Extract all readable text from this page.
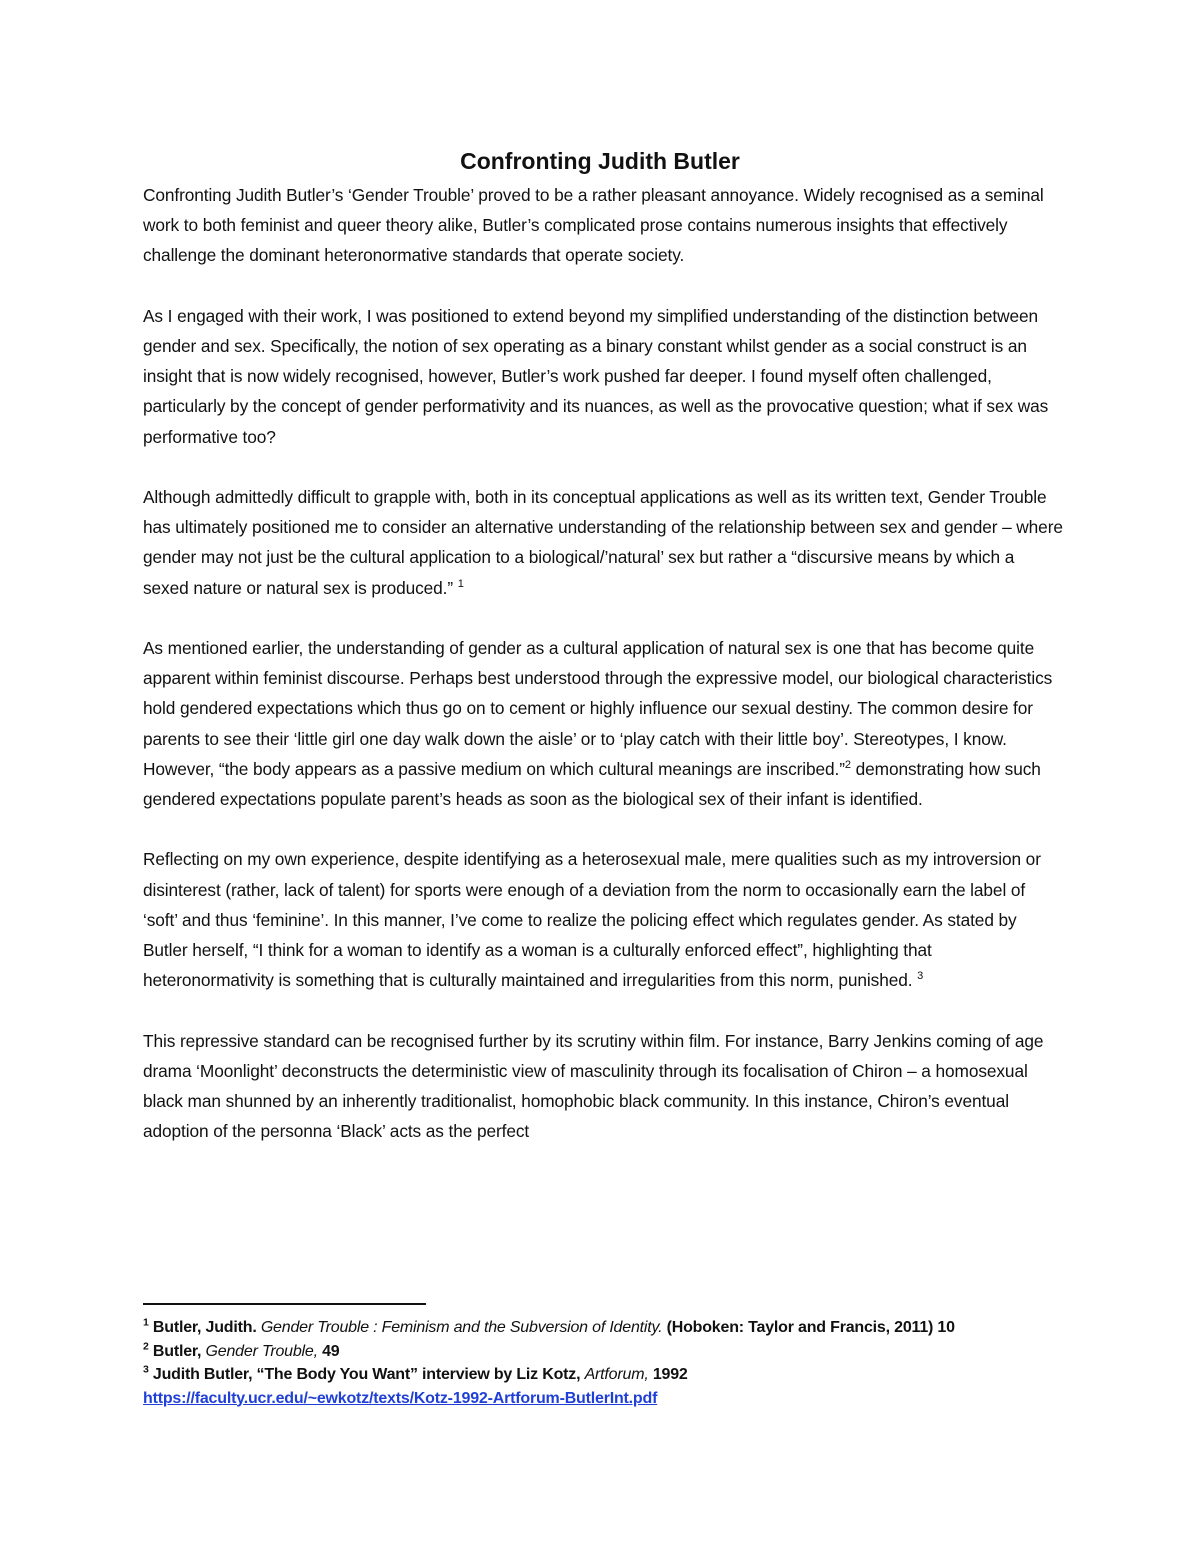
Confronting Judith Butler

Confronting Judith Butler’s ‘Gender Trouble’ proved to be a rather pleasant annoyance. Widely recognised as a seminal work to both feminist and queer theory alike, Butler’s complicated prose contains numerous insights that effectively challenge the dominant heteronormative standards that operate society.

As I engaged with their work, I was positioned to extend beyond my simplified understanding of the distinction between gender and sex. Specifically, the notion of sex operating as a binary constant whilst gender as a social construct is an insight that is now widely recognised, however, Butler’s work pushed far deeper. I found myself often challenged, particularly by the concept of gender performativity and its nuances, as well as the provocative question; what if sex was performative too?

Although admittedly difficult to grapple with, both in its conceptual applications as well as its written text, Gender Trouble has ultimately positioned me to consider an alternative understanding of the relationship between sex and gender – where gender may not just be the cultural application to a biological/’natural’ sex but rather a “discursive means by which a sexed nature or natural sex is produced.” $^1$

As mentioned earlier, the understanding of gender as a cultural application of natural sex is one that has become quite apparent within feminist discourse. Perhaps best understood through the expressive model, our biological characteristics hold gendered expectations which thus go on to cement or highly influence our sexual destiny. The common desire for parents to see their ‘little girl one day walk down the aisle’ or to ‘play catch with their little boy’. Stereotypes, I know. However, “the body appears as a passive medium on which cultural meanings are inscribed.”$^2$ demonstrating how such gendered expectations populate parent’s heads as soon as the biological sex of their infant is identified.

Reflecting on my own experience, despite identifying as a heterosexual male, mere qualities such as my introversion or disinterest (rather, lack of talent) for sports were enough of a deviation from the norm to occasionally earn the label of ‘soft’ and thus ‘feminine’. In this manner, I’ve come to realize the policing effect which regulates gender. As stated by Butler herself, “I think for a woman to identify as a woman is a culturally enforced effect”, highlighting that heteronormativity is something that is culturally maintained and irregularities from this norm, punished. $^3$

This repressive standard can be recognised further by its scrutiny within film. For instance, Barry Jenkins coming of age drama ‘Moonlight’ deconstructs the deterministic view of masculinity through its focalisation of Chiron – a homosexual black man shunned by an inherently traditionalist, homophobic black community. In this instance, Chiron’s eventual adoption of the personna ‘Black’ acts as the perfect

$^1$ Butler, Judith. Gender Trouble : Feminism and the Subversion of Identity. (Hoboken: Taylor and Francis, 2011) 10
$^2$ Butler, Gender Trouble, 49
$^3$ Judith Butler, “The Body You Want” interview by Liz Kotz, Artforum, 1992
https://faculty.ucr.edu/~ewkotz/texts/Kotz-1992-Artforum-ButlerInt.pdf
